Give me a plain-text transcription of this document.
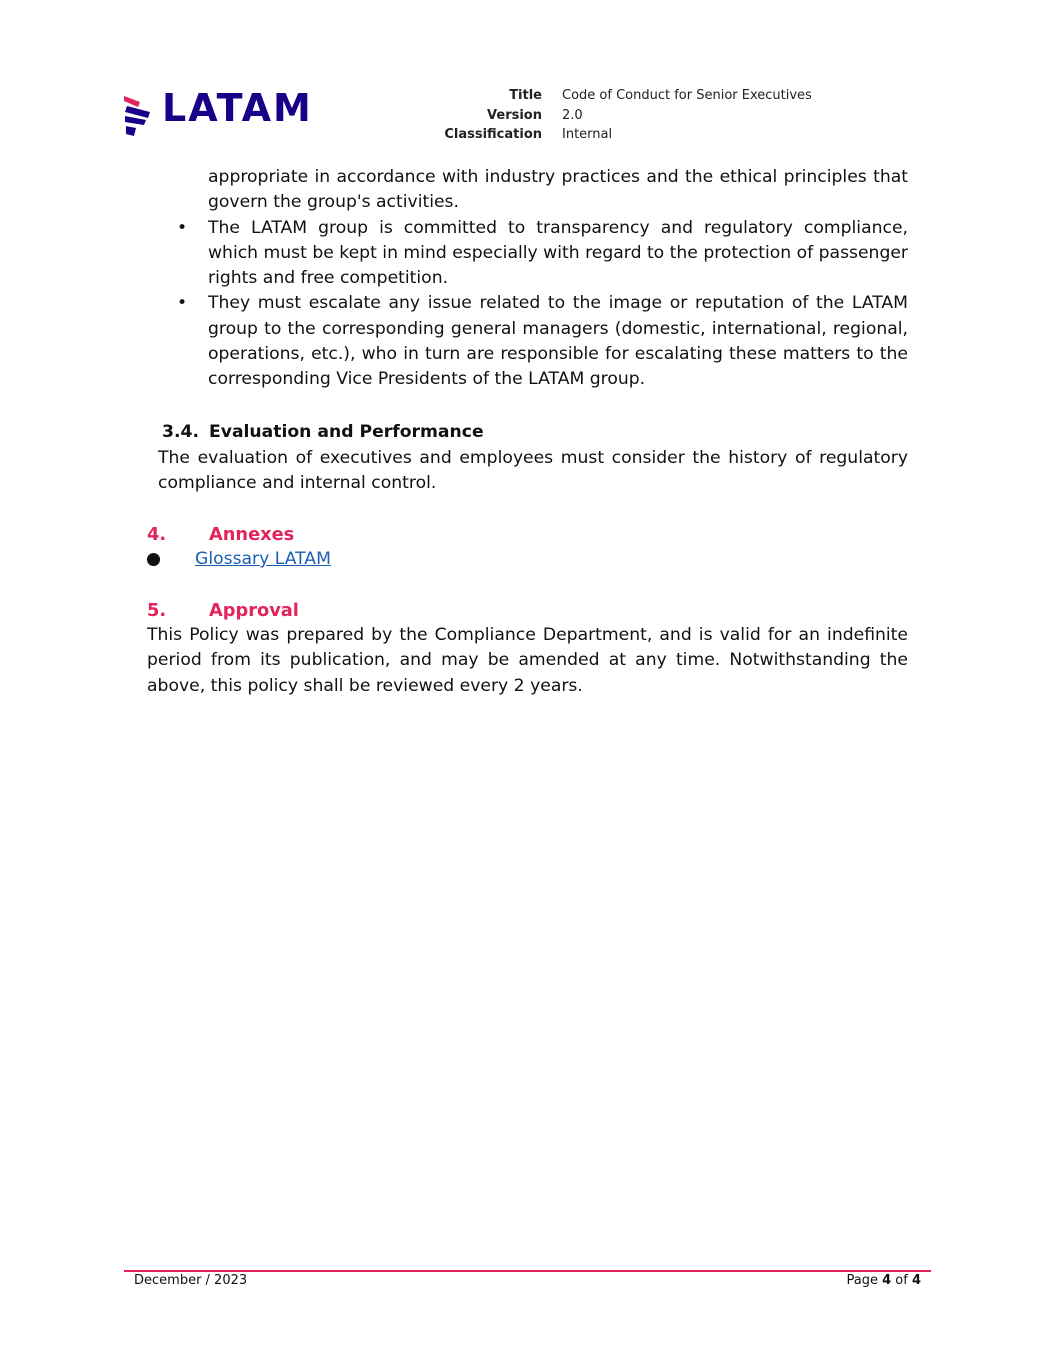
LATAM	Title	Code of Conduct for Senior Executives
Version	2.0
Classification	Internal
appropriate in accordance with industry practices and the ethical principles that govern the group's activities.
•	The LATAM group is committed to transparency and regulatory compliance, which must be kept in mind especially with regard to the protection of passenger rights and free competition.
•	They must escalate any issue related to the image or reputation of the LATAM group to the corresponding general managers (domestic, international, regional, operations, etc.), who in turn are responsible for escalating these matters to the corresponding Vice Presidents of the LATAM group.
3.4. Evaluation and Performance
The evaluation of executives and employees must consider the history of regulatory compliance and internal control.
4. Annexes
● Glossary LATAM
5. Approval
This Policy was prepared by the Compliance Department, and is valid for an indefinite period from its publication, and may be amended at any time. Notwithstanding the above, this policy shall be reviewed every 2 years.
December / 2023	Page 4 of 4
